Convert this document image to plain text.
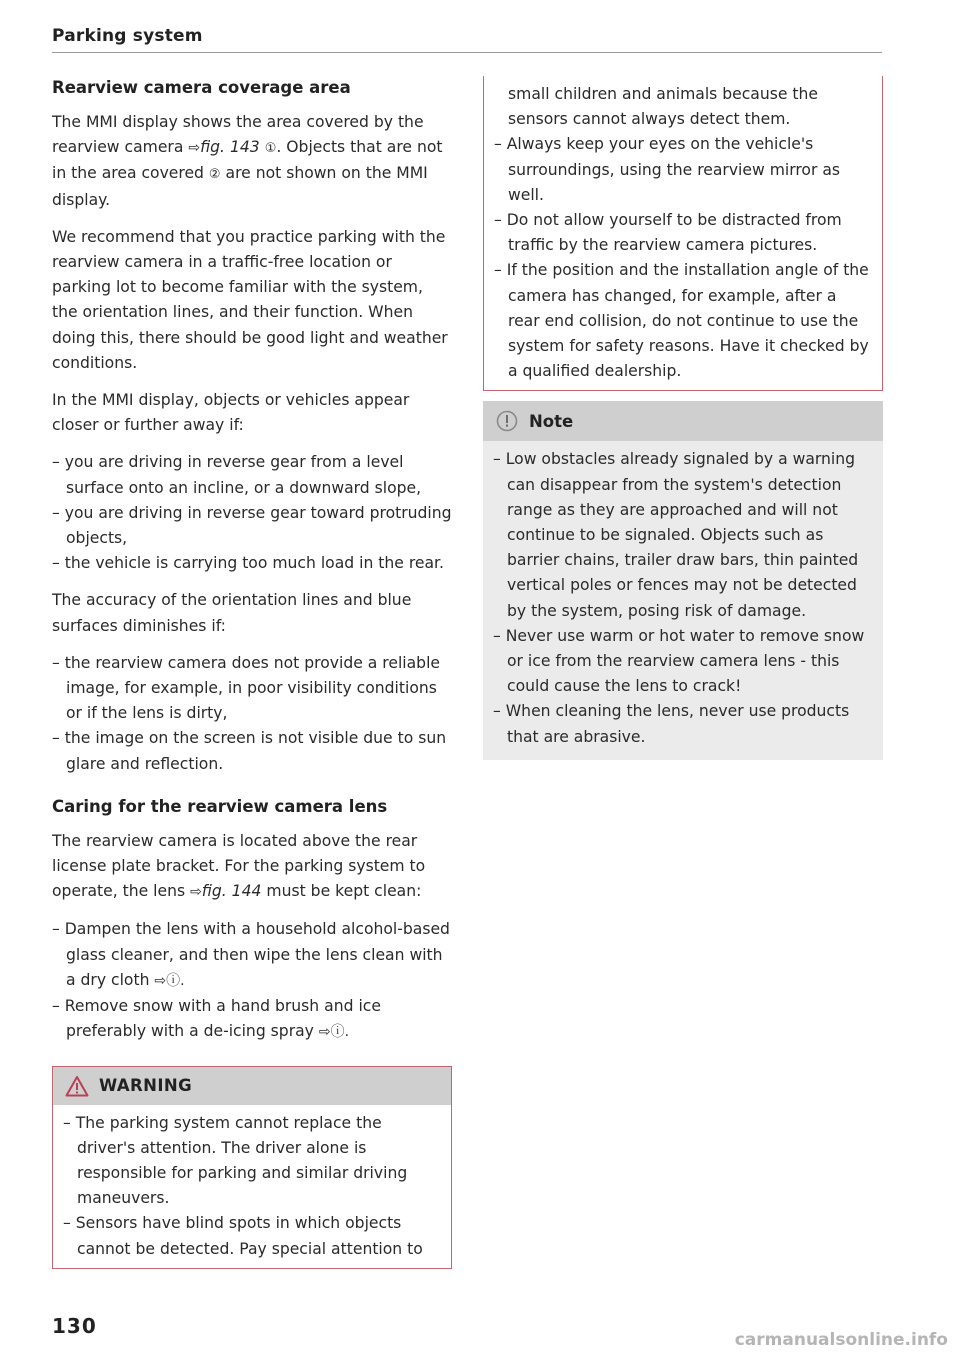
Parking system
Rearview camera coverage area

The MMI display shows the area covered by the rearview camera ⇨fig. 143 ①. Objects that are not in the area covered ② are not shown on the MMI display.

We recommend that you practice parking with the rearview camera in a traffic-free location or parking lot to become familiar with the system, the orientation lines, and their function. When doing this, there should be good light and weather conditions.

In the MMI display, objects or vehicles appear closer or further away if:

– you are driving in reverse gear from a level surface onto an incline, or a downward slope,
– you are driving in reverse gear toward protruding objects,
– the vehicle is carrying too much load in the rear.

The accuracy of the orientation lines and blue surfaces diminishes if:

– the rearview camera does not provide a reliable image, for example, in poor visibility conditions or if the lens is dirty,
– the image on the screen is not visible due to sun glare and reflection.
Caring for the rearview camera lens

The rearview camera is located above the rear license plate bracket. For the parking system to operate, the lens ⇨fig. 144 must be kept clean:

– Dampen the lens with a household alcohol-based glass cleaner, and then wipe the lens clean with a dry cloth ⇨ⓘ.
– Remove snow with a hand brush and ice preferably with a de-icing spray ⇨ⓘ.
WARNING
– The parking system cannot replace the driver's attention. The driver alone is responsible for parking and similar driving maneuvers.
– Sensors have blind spots in which objects cannot be detected. Pay special attention to

small children and animals because the sensors cannot always detect them.

– Always keep your eyes on the vehicle's surroundings, using the rearview mirror as well.
– Do not allow yourself to be distracted from traffic by the rearview camera pictures.
– If the position and the installation angle of the camera has changed, for example, after a rear end collision, do not continue to use the system for safety reasons. Have it checked by a qualified dealership.
Note
– Low obstacles already signaled by a warning can disappear from the system's detection range as they are approached and will not continue to be signaled. Objects such as barrier chains, trailer draw bars, thin painted vertical poles or fences may not be detected by the system, posing risk of damage.
– Never use warm or hot water to remove snow or ice from the rearview camera lens - this could cause the lens to crack!
– When cleaning the lens, never use products that are abrasive.
130
carmanualsonline.info
